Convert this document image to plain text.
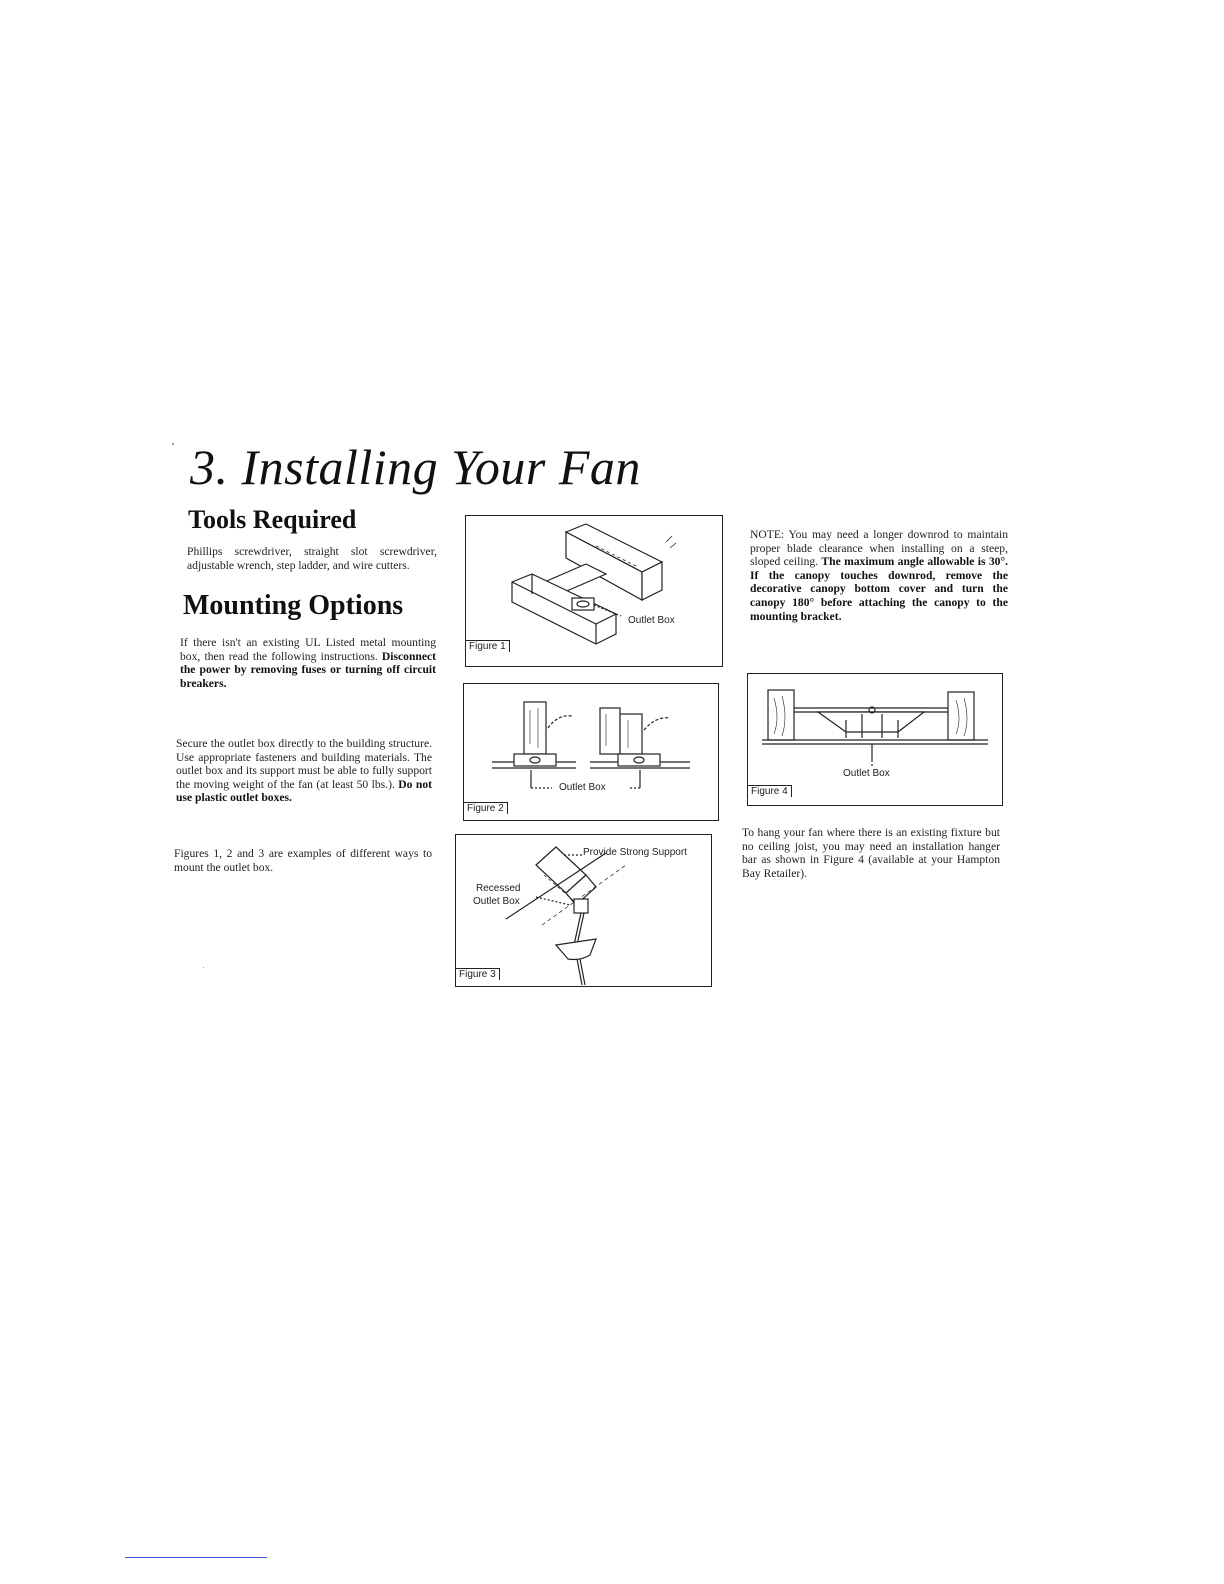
3. Installing Your Fan
Tools Required
Phillips screwdriver, straight slot screwdriver, adjustable wrench, step ladder, and wire cutters.
Mounting Options
If there isn't an existing UL Listed metal mounting box, then read the following instructions. Disconnect the power by removing fuses or turning off circuit breakers.
Secure the outlet box directly to the building structure. Use appropriate fasteners and building materials. The outlet box and its support must be able to fully support the moving weight of the fan (at least 50 lbs.). Do not use plastic outlet boxes.
Figures 1, 2 and 3 are examples of different ways to mount the outlet box.
Outlet Box
Figure 1
Outlet Box
Figure 2
Provide Strong Support
Recessed
Outlet Box
Figure 3
Outlet Box
Figure 4
NOTE: You may need a longer downrod to maintain proper blade clearance when installing on a steep, sloped ceiling. The maximum angle allowable is 30°. If the canopy touches downrod, remove the decorative canopy bottom cover and turn the canopy 180° before attaching the canopy to the mounting bracket.
To hang your fan where there is an existing fixture but no ceiling joist, you may need an installation hanger bar as shown in Figure 4 (available at your Hampton Bay Retailer).
